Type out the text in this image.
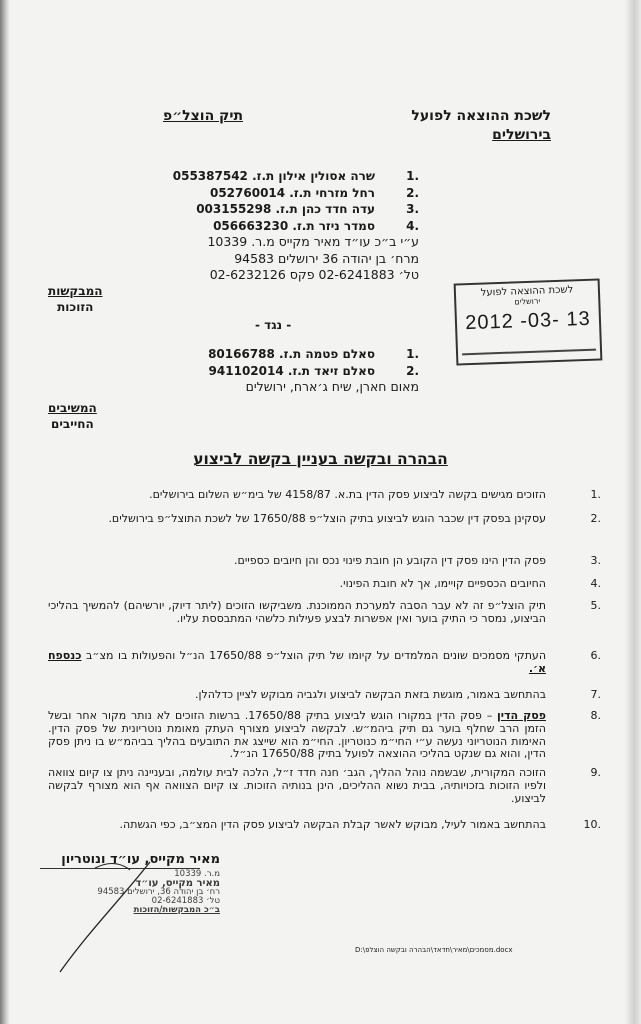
לשכת ההוצאה לפועל
בירושלים
תיק הוצל״פ
.1שרה אסולין אילון ת.ז. 055387542
.2רחל מזרחי ת.ז. 052760014
.3עדה חדד כהן ת.ז. 003155298
.4סמדר ניזר ת.ז. 056663230
ע״י ב״כ עו״ד מאיר מקייס מ.ר. 10339
מרח׳ בן יהודה 36 ירושלים 94583
טל׳ 02-6241883 פקס 02-6232126
המבקשות
הזוכות
לשכת ההוצאה לפועל
ירושלים
13 -03- 2012
- נגד -
.1סאלם פטמה ת.ז. 80166788
.2סאלם זיאד ת.ז. 941102014
מאום חארן, שיח ג׳ארח, ירושלים
המשיבים
החייבים
הבהרה ובקשה בעניין בקשה לביצוע
.1
הזוכים מגישים בקשה לביצוע פסק הדין בת.א. 4158/87 של בימ״ש השלום בירושלים.
.2
עסקינן בפסק דין שכבר הוגש לביצוע בתיק הוצל״פ 17650/88 של לשכת התוצל״פ בירושלים.
.3
פסק הדין הינו פסק דין הקובע הן חובת פינוי נכס והן חיובים כספיים.
.4
החיובים הכספיים קויימו, אך לא חובת הפינוי.
.5
תיק הוצל״פ זה לא עבר הסבה למערכת הממוכנת. משביקשו הזוכים (ליתר דיוק, יורשיהם) להמשיך בהליכי הביצוע, נמסר כי התיק בוער ואין אפשרות לבצע פעילות כלשהי המתבססת עליו.
.6
העתקי מסמכים שונים המלמדים על קיומו של תיק הוצל״פ 17650/88 הנ״ל והפעולות בו מצ״ב כנספח א׳.
.7
בהתחשב באמור, מוגשת בזאת הבקשה לביצוע ולגביה מבוקש לציין כדלהלן.
.8
פסק הדין – פסק הדין במקורו הוגש לביצוע בתיק 17650/88. ברשות הזוכים לא נותר מקור אחר ובשל הזמן הרב שחלף בוער גם תיק ביהמ״ש. לבקשה לביצוע מצורף העתק מאומת נוטריונית של פסק הדין. האימות הנוטריוני נעשה ע״י החי״מ כנוטריון. החי״מ הוא שייצג את התובעים בהליך בביהמ״ש בו ניתן פסק הדין, והוא גם שנקט בהליכי ההוצאה לפועל בתיק 17650/88 הנ״ל.
.9
הזוכה המקורית, שבשמה נוהל ההליך, הגב׳ חנה חדד ז״ל, הלכה לבית עולמה, ובעניינה ניתן צו קיום צוואה ולפיו הזוכות בזכויותיה, בבית נשוא ההליכים, הינן בנותיה הזוכות. צו קיום הצוואה אף הוא מצורף לבקשה לביצוע.
.10
בהתחשב באמור לעיל, מבוקש לאשר קבלת הבקשה לביצוע פסק הדין המצ״ב, כפי הגשתה.
מאיר מקייס, עו״ד ונוטריון
מ.ר. 10339
מאיר מקייס, עו״ד
רח׳ בן יהודה 36, ירושלים 94583
טל׳ 02-6241883
ב״כ המבקשות/הזוכות
D:\מסמכים\מאיר\חדאד\הבהרה ובקשה הוצלפ.docx
